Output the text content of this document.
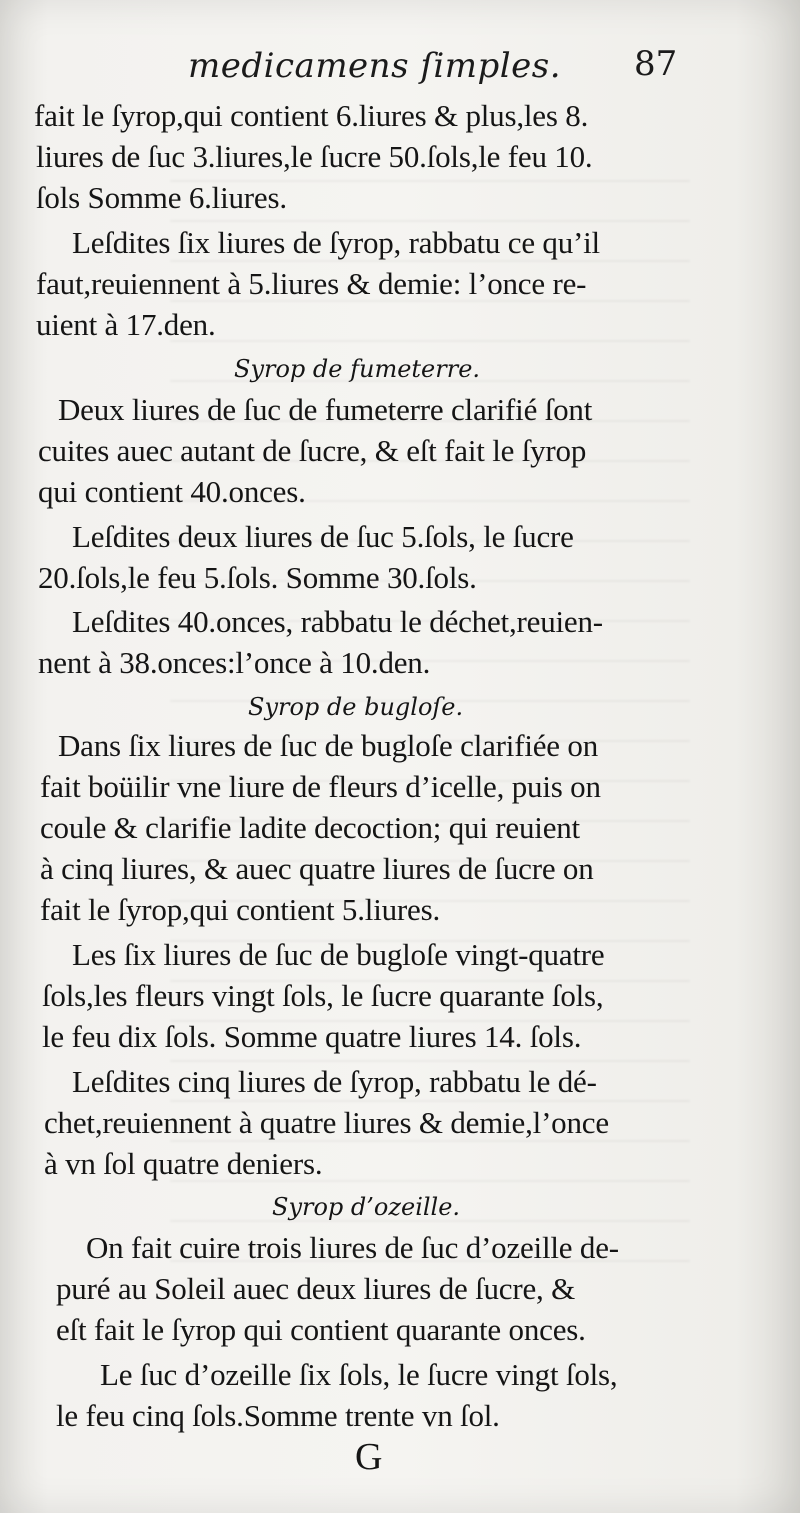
medicamens ſimples. 87
fait le ſyrop,qui contient 6.liures & plus,les 8.
liures de ſuc 3.liures,le ſucre 50.ſols,le feu 10.
ſols Somme 6.liures.
Leſdites ſix liures de ſyrop, rabbatu ce qu’il
faut,reuiennent à 5.liures & demie: l’once re-
uient à 17.den.
Syrop de fumeterre.
Deux liures de ſuc de fumeterre clarifié ſont
cuites auec autant de ſucre, & eſt fait le ſyrop
qui contient 40.onces.
Leſdites deux liures de ſuc 5.ſols, le ſucre
20.ſols,le feu 5.ſols. Somme 30.ſols.
Leſdites 40.onces, rabbatu le déchet,reuien-
nent à 38.onces:l’once à 10.den.
Syrop de bugloſe.
Dans ſix liures de ſuc de bugloſe clarifiée on
fait boüilir vne liure de fleurs d’icelle, puis on
coule & clarifie ladite decoction; qui reuient
à cinq liures, & auec quatre liures de ſucre on
fait le ſyrop,qui contient 5.liures.
Les ſix liures de ſuc de bugloſe vingt-quatre
ſols,les fleurs vingt ſols, le ſucre quarante ſols,
le feu dix ſols. Somme quatre liures 14. ſols.
Leſdites cinq liures de ſyrop, rabbatu le dé-
chet,reuiennent à quatre liures & demie,l’once
à vn ſol quatre deniers.
Syrop d’ozeille.
On fait cuire trois liures de ſuc d’ozeille de-
puré au Soleil auec deux liures de ſucre, &
eſt fait le ſyrop qui contient quarante onces.
Le ſuc d’ozeille ſix ſols, le ſucre vingt ſols,
le feu cinq ſols.Somme trente vn ſol.
G
